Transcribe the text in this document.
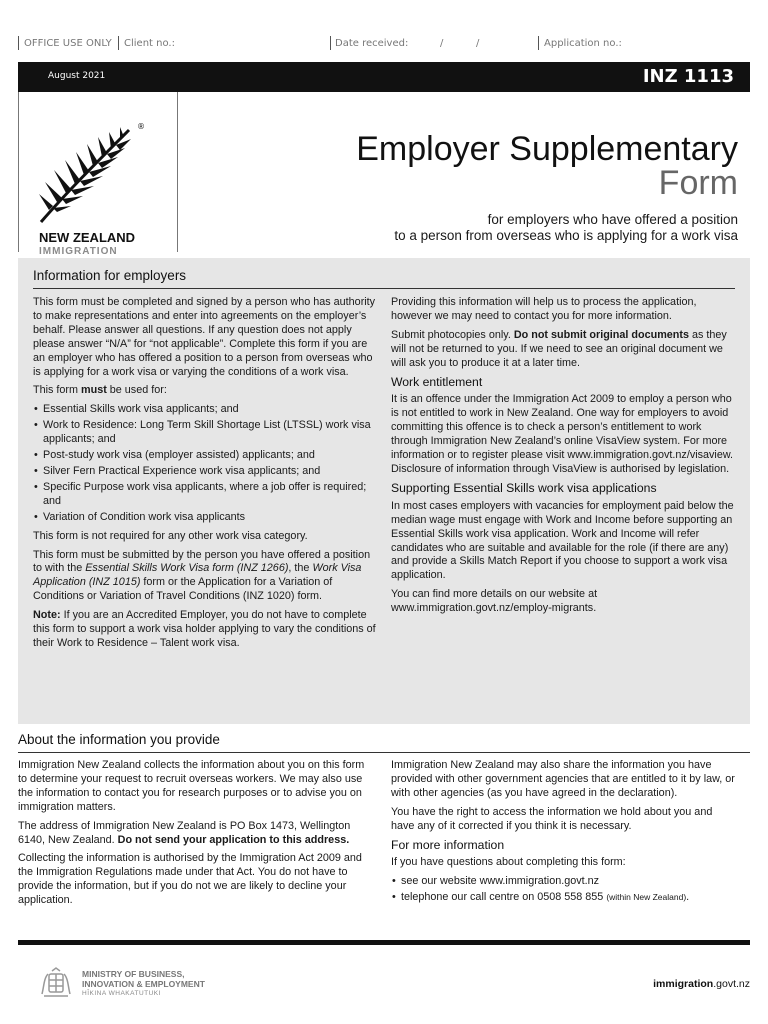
OFFICE USE ONLY Client no.:	Date received:	/	/	Application no.:
August 2021	INZ 1113
®
NEW ZEALAND
IMMIGRATION
Employer Supplementary
Form
for employers who have offered a position
to a person from overseas who is applying for a work visa
Information for employers

This form must be completed and signed by a person who has authority to make representations and enter into agreements on the employer’s behalf. Please answer all questions. If any question does not apply please answer “N/A” for “not applicable”. Complete this form if you are an employer who has offered a position to a person from overseas who is applying for a work visa or varying the conditions of a work visa.

This form must be used for:

• Essential Skills work visa applicants; and
• Work to Residence: Long Term Skill Shortage List (LTSSL) work visa applicants; and
• Post-study work visa (employer assisted) applicants; and
• Silver Fern Practical Experience work visa applicants; and
• Specific Purpose work visa applicants, where a job offer is required; and
• Variation of Condition work visa applicants

This form is not required for any other work visa category.

This form must be submitted by the person you have offered a position to with the Essential Skills Work Visa form (INZ 1266), the Work Visa Application (INZ 1015) form or the Application for a Variation of Conditions or Variation of Travel Conditions (INZ 1020) form.

Note: If you are an Accredited Employer, you do not have to complete this form to support a work visa holder applying to vary the conditions of their Work to Residence – Talent work visa.

Providing this information will help us to process the application, however we may need to contact you for more information.

Submit photocopies only. Do not submit original documents as they will not be returned to you. If we need to see an original document we will ask you to produce it at a later time.

Work entitlement

It is an offence under the Immigration Act 2009 to employ a person who is not entitled to work in New Zealand. One way for employers to avoid committing this offence is to check a person’s entitlement to work through Immigration New Zealand’s online VisaView system. For more information or to register please visit www.immigration.govt.nz/visaview. Disclosure of information through VisaView is authorised by legislation.

Supporting Essential Skills work visa applications

In most cases employers with vacancies for employment paid below the median wage must engage with Work and Income before supporting an Essential Skills work visa application. Work and Income will refer candidates who are suitable and available for the role (if there are any) and provide a Skills Match Report if you choose to support a work visa application.

You can find more details on our website at www.immigration.govt.nz/employ-migrants.

About the information you provide

Immigration New Zealand collects the information about you on this form to determine your request to recruit overseas workers. We may also use the information to contact you for research purposes or to advise you on immigration matters.

The address of Immigration New Zealand is PO Box 1473, Wellington 6140, New Zealand. Do not send your application to this address.

Collecting the information is authorised by the Immigration Act 2009 and the Immigration Regulations made under that Act. You do not have to provide the information, but if you do not we are likely to decline your application.

Immigration New Zealand may also share the information you have provided with other government agencies that are entitled to it by law, or with other agencies (as you have agreed in the declaration).

You have the right to access the information we hold about you and have any of it corrected if you think it is necessary.

For more information

If you have questions about completing this form:

• see our website www.immigration.govt.nz
• telephone our call centre on 0508 558 855 (within New Zealand).
MINISTRY OF BUSINESS,
INNOVATION & EMPLOYMENT
HĪKINA WHAKATUTUKI
immigration.govt.nz
